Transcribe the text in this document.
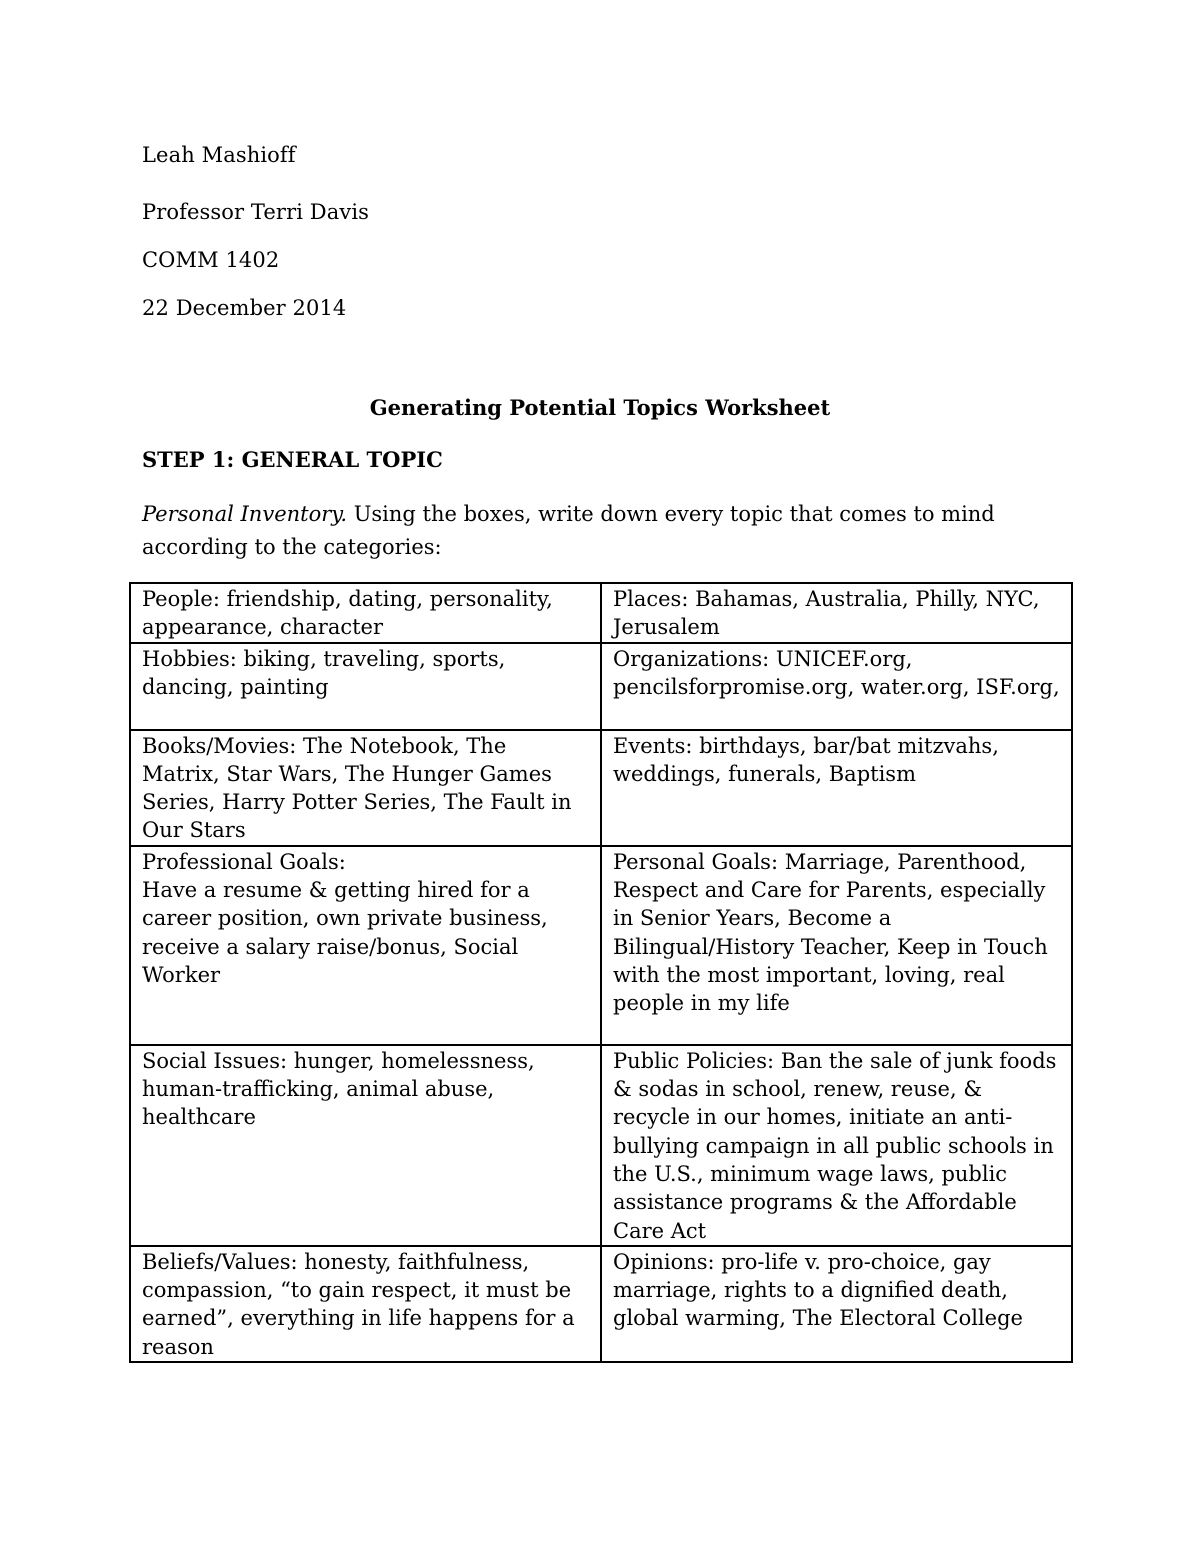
Leah Mashioff
Professor Terri Davis
COMM 1402
22 December 2014
Generating Potential Topics Worksheet
STEP 1: GENERAL TOPIC
Personal Inventory. Using the boxes, write down every topic that comes to mind according to the categories:
People: friendship, dating, personality, appearance, character	Places: Bahamas, Australia, Philly, NYC, Jerusalem
Hobbies: biking, traveling, sports, dancing, painting	Organizations: UNICEF.org, pencilsforpromise.org, water.org, ISF.org,
Books/Movies: The Notebook, The Matrix, Star Wars, The Hunger Games Series, Harry Potter Series, The Fault in Our Stars	Events: birthdays, bar/bat mitzvahs, weddings, funerals, Baptism

Professional Goals:
Have a resume & getting hired for a career position, own private business, receive a salary raise/bonus, Social Worker	Personal Goals: Marriage, Parenthood, Respect and Care for Parents, especially in Senior Years, Become a Bilingual/History Teacher, Keep in Touch with the most important, loving, real people in my life
Social Issues: hunger, homelessness, human-trafficking, animal abuse, healthcare	Public Policies: Ban the sale of junk foods & sodas in school, renew, reuse, & recycle in our homes, initiate an anti-bullying campaign in all public schools in the U.S., minimum wage laws, public assistance programs & the Affordable Care Act
Beliefs/Values: honesty, faithfulness, compassion, “to gain respect, it must be earned”, everything in life happens for a reason	Opinions: pro-life v. pro-choice, gay marriage, rights to a dignified death, global warming, The Electoral College
